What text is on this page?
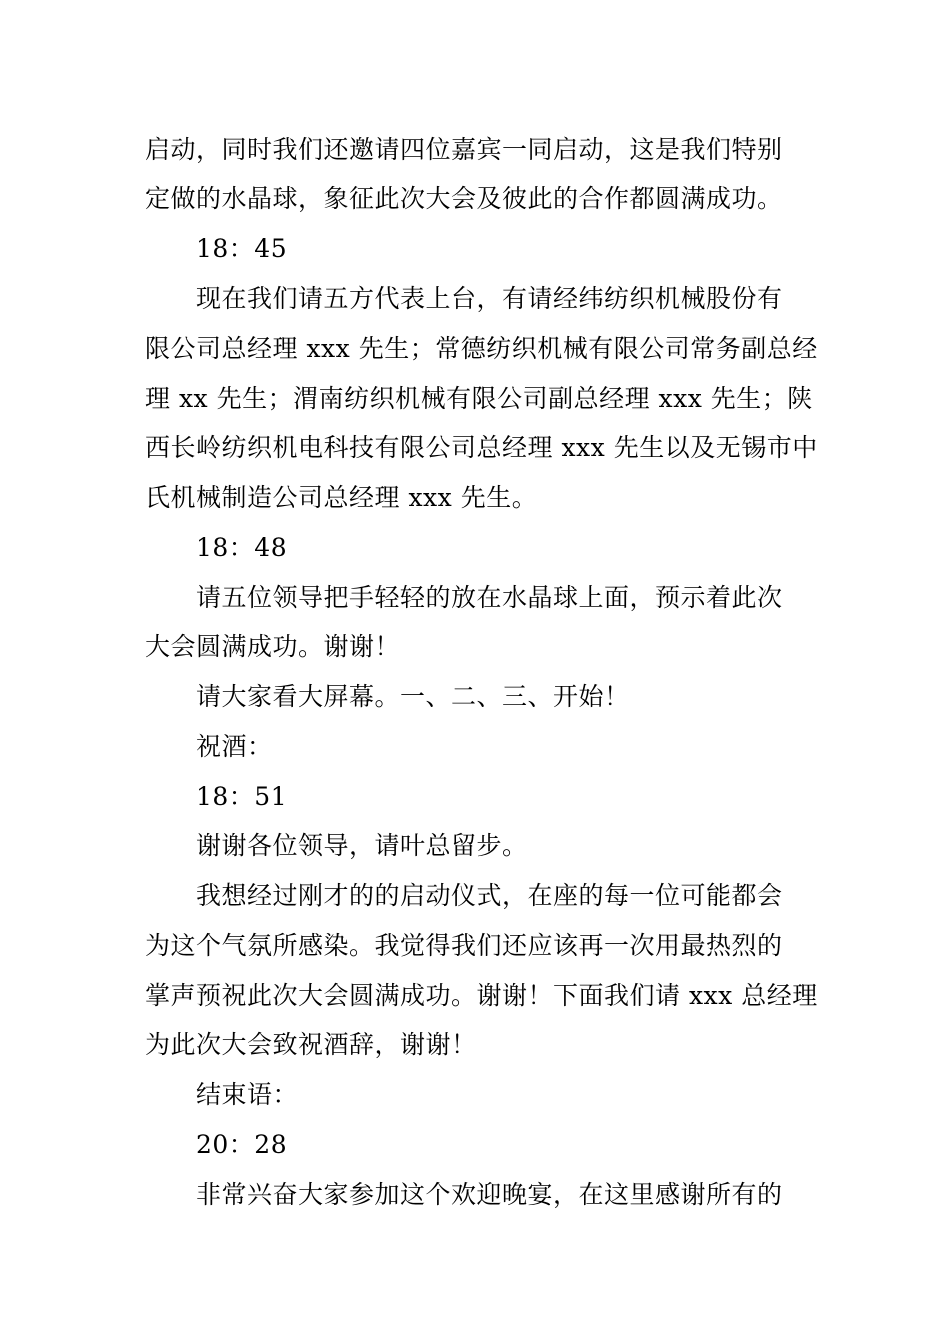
启动，同时我们还邀请四位嘉宾一同启动，这是我们特别
定做的水晶球，象征此次大会及彼此的合作都圆满成功。
18：45
现在我们请五方代表上台，有请经纬纺织机械股份有
限公司总经理 xxx 先生；常德纺织机械有限公司常务副总经
理 xx 先生；渭南纺织机械有限公司副总经理 xxx 先生；陕
西长岭纺织机电科技有限公司总经理 xxx 先生以及无锡市中
氏机械制造公司总经理 xxx 先生。
18：48
请五位领导把手轻轻的放在水晶球上面，预示着此次
大会圆满成功。谢谢！
请大家看大屏幕。一、二、三、开始！
祝酒：
18：51
谢谢各位领导，请叶总留步。
我想经过刚才的的启动仪式，在座的每一位可能都会
为这个气氛所感染。我觉得我们还应该再一次用最热烈的
掌声预祝此次大会圆满成功。谢谢！下面我们请 xxx 总经理
为此次大会致祝酒辞，谢谢！
结束语：
20：28
非常兴奋大家参加这个欢迎晚宴，在这里感谢所有的
